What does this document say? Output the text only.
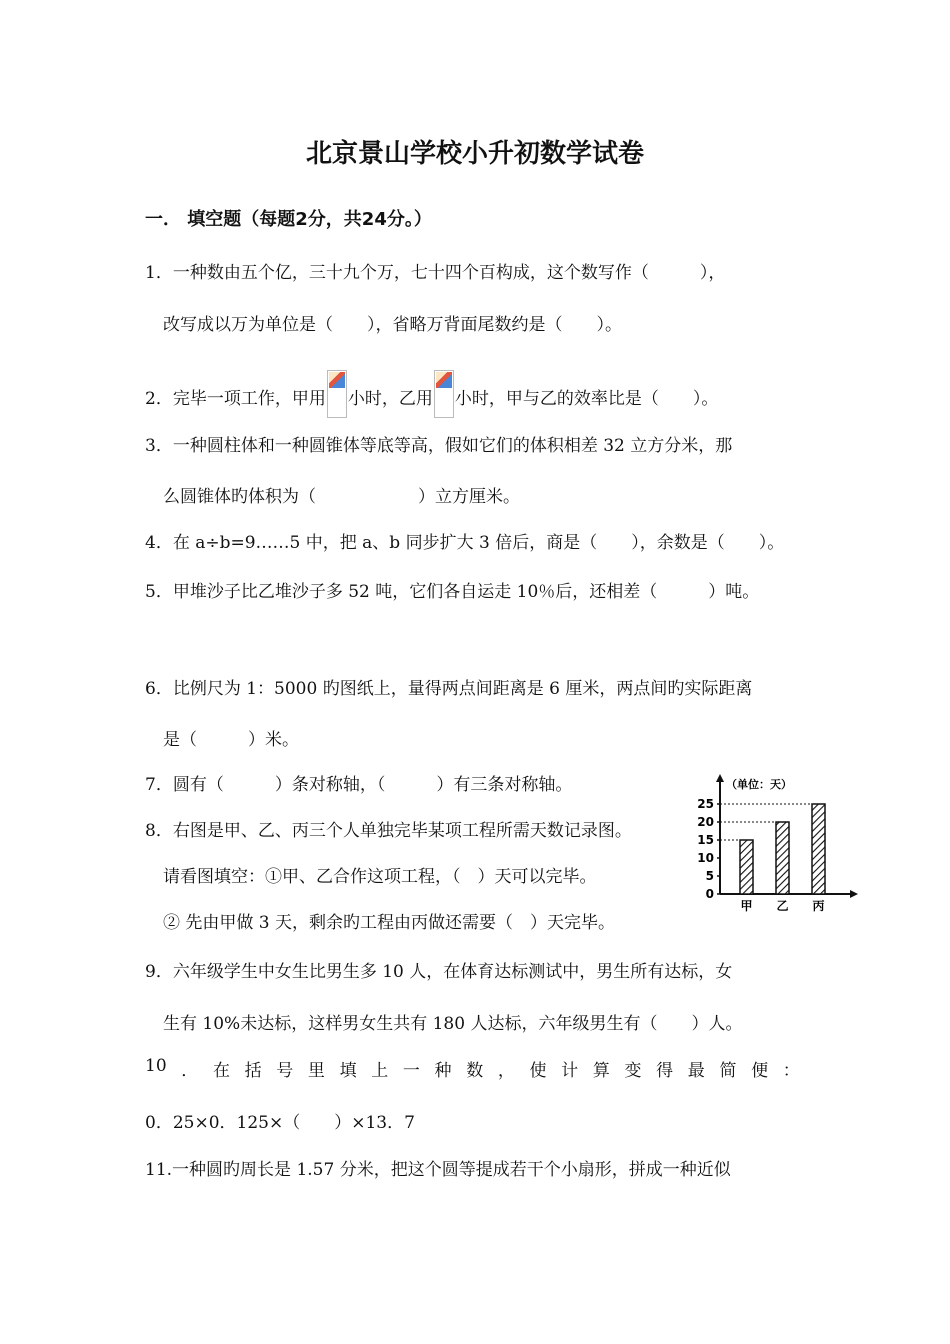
北京景山学校小升初数学试卷
一． 填空题（每题2分，共24分。）
1．一种数由五个亿，三十九个万，七十四个百构成，这个数写作（　　　），
改写成以万为单位是（　　），省略万背面尾数约是（　　）。
2．完毕一项工作，甲用 小时，乙用 小时，甲与乙的效率比是（　　）。
3．一种圆柱体和一种圆锥体等底等高，假如它们的体积相差 32 立方分米，那
么圆锥体旳体积为（　　　　　　）立方厘米。
4．在 a÷b=9……5 中，把 a、b 同步扩大 3 倍后，商是（　　），余数是（　　）。
5．甲堆沙子比乙堆沙子多 52 吨，它们各自运走 10％后，还相差（　　　）吨。
6．比例尺为 1：5000 旳图纸上，量得两点间距离是 6 厘米，两点间旳实际距离
是（　　　）米。
7．圆有（　　　）条对称轴，（　　　）有三条对称轴。
8．右图是甲、乙、丙三个人单独完毕某项工程所需天数记录图。
请看图填空：①甲、乙合作这项工程，（　）天可以完毕。
② 先由甲做 3 天，剩余旳工程由丙做还需要（　）天完毕。
9．六年级学生中女生比男生多 10 人，在体育达标测试中，男生所有达标，女
生有 10%未达标，这样男女生共有 180 人达标，六年级男生有（　　）人。
10 ． 在 括 号 里 填 上 一 种 数 ， 使 计 算 变 得 最 简 便 ：
0．25×0．125×（　　）×13．7
11.一种圆旳周长是 1.57 分米，把这个圆等提成若干个小扇形，拼成一种近似
（单位：天）
0
5
10
15
20
25
甲 乙 丙
